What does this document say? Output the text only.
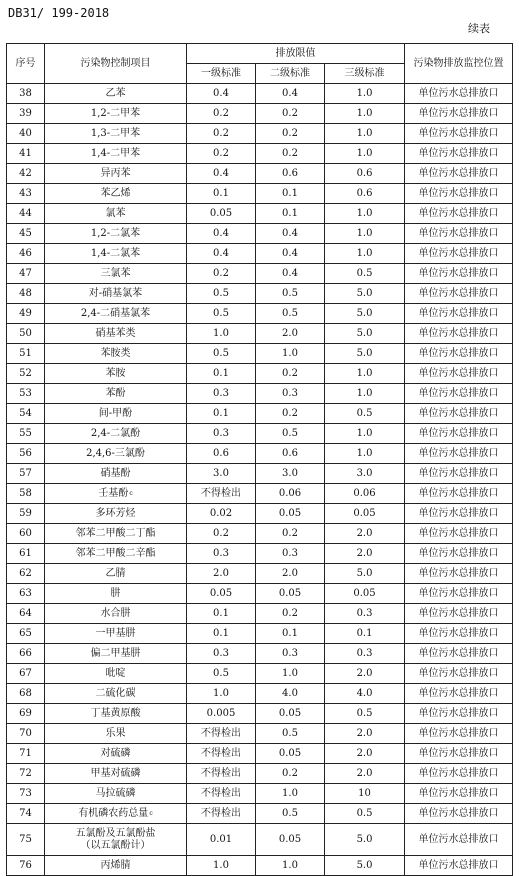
DB31/ 199-2018
续表
序号	污染物控制项目	排放限值			污染物排放监控位置
		一级标准	二级标准	三级标准	
38	乙苯	0.4	0.4	1.0	单位污水总排放口
39	1,2-二甲苯	0.2	0.2	1.0	单位污水总排放口
40	1,3-二甲苯	0.2	0.2	1.0	单位污水总排放口
41	1,4-二甲苯	0.2	0.2	1.0	单位污水总排放口
42	异丙苯	0.4	0.6	0.6	单位污水总排放口
43	苯乙烯	0.1	0.1	0.6	单位污水总排放口
44	氯苯	0.05	0.1	1.0	单位污水总排放口
45	1,2-二氯苯	0.4	0.4	1.0	单位污水总排放口
46	1,4-二氯苯	0.4	0.4	1.0	单位污水总排放口
47	三氯苯	0.2	0.4	0.5	单位污水总排放口
48	对-硝基氯苯	0.5	0.5	5.0	单位污水总排放口
49	2,4-二硝基氯苯	0.5	0.5	5.0	单位污水总排放口
50	硝基苯类	1.0	2.0	5.0	单位污水总排放口
51	苯胺类	0.5	1.0	5.0	单位污水总排放口
52	苯胺	0.1	0.2	1.0	单位污水总排放口
53	苯酚	0.3	0.3	1.0	单位污水总排放口
54	间-甲酚	0.1	0.2	0.5	单位污水总排放口
55	2,4-二氯酚	0.3	0.5	1.0	单位污水总排放口
56	2,4,6-三氯酚	0.6	0.6	1.0	单位污水总排放口
57	硝基酚	3.0	3.0	3.0	单位污水总排放口
58	壬基酚$^c$	不得检出	0.06	0.06	单位污水总排放口
59	多环芳烃	0.02	0.05	0.05	单位污水总排放口
60	邻苯二甲酸二丁酯	0.2	0.2	2.0	单位污水总排放口
61	邻苯二甲酸二辛酯	0.3	0.3	2.0	单位污水总排放口
62	乙腈	2.0	2.0	5.0	单位污水总排放口
63	肼	0.05	0.05	0.05	单位污水总排放口
64	水合肼	0.1	0.2	0.3	单位污水总排放口
65	一甲基肼	0.1	0.1	0.1	单位污水总排放口
66	偏二甲基肼	0.3	0.3	0.3	单位污水总排放口
67	吡啶	0.5	1.0	2.0	单位污水总排放口
68	二硫化碳	1.0	4.0	4.0	单位污水总排放口
69	丁基黄原酸	0.005	0.05	0.5	单位污水总排放口
70	乐果	不得检出	0.5	2.0	单位污水总排放口
71	对硫磷	不得检出	0.05	2.0	单位污水总排放口
72	甲基对硫磷	不得检出	0.2	2.0	单位污水总排放口
73	马拉硫磷	不得检出	1.0	10	单位污水总排放口
74	有机磷农药总量$^c$	不得检出	0.5	0.5	单位污水总排放口
75	五氯酚及五氯酚盐
（以五氯酚计）	0.01	0.05	5.0	单位污水总排放口
76	丙烯腈	1.0	1.0	5.0	单位污水总排放口
